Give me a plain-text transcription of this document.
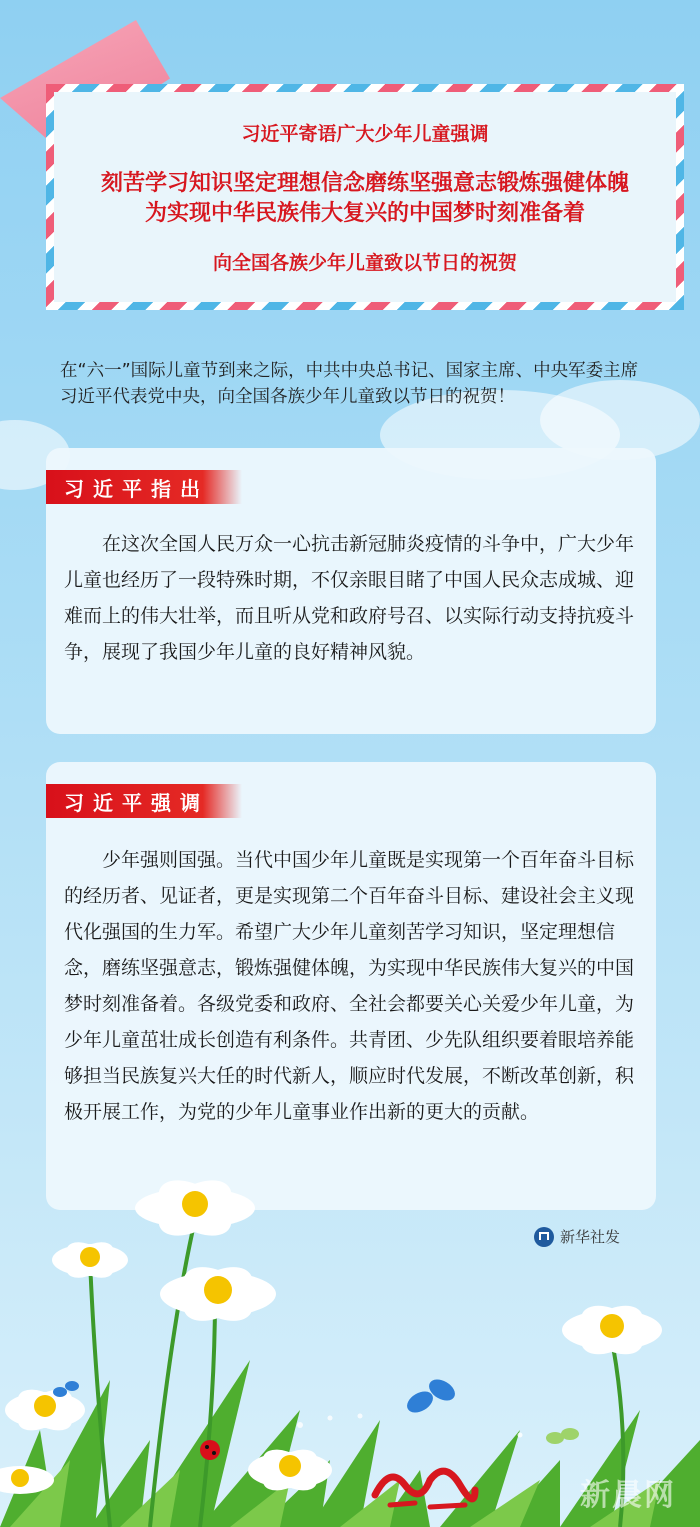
习近平寄语广大少年儿童强调

刻苦学习知识坚定理想信念磨练坚强意志锻炼强健体魄

为实现中华民族伟大复兴的中国梦时刻准备着

向全国各族少年儿童致以节日的祝贺

在“六一”国际儿童节到来之际，中共中央总书记、国家主席、中央军委主席习近平代表党中央，向全国各族少年儿童致以节日的祝贺！

习近平指出

在这次全国人民万众一心抗击新冠肺炎疫情的斗争中，广大少年儿童也经历了一段特殊时期，不仅亲眼目睹了中国人民众志成城、迎难而上的伟大壮举，而且听从党和政府号召、以实际行动支持抗疫斗争，展现了我国少年儿童的良好精神风貌。

习近平强调

少年强则国强。当代中国少年儿童既是实现第一个百年奋斗目标的经历者、见证者，更是实现第二个百年奋斗目标、建设社会主义现代化强国的生力军。希望广大少年儿童刻苦学习知识，坚定理想信念，磨练坚强意志，锻炼强健体魄，为实现中华民族伟大复兴的中国梦时刻准备着。各级党委和政府、全社会都要关心关爱少年儿童，为少年儿童茁壮成长创造有利条件。共青团、少先队组织要着眼培养能够担当民族复兴大任的时代新人，顺应时代发展，不断改革创新，积极开展工作，为党的少年儿童事业作出新的更大的贡献。

新华社发
新晨网
